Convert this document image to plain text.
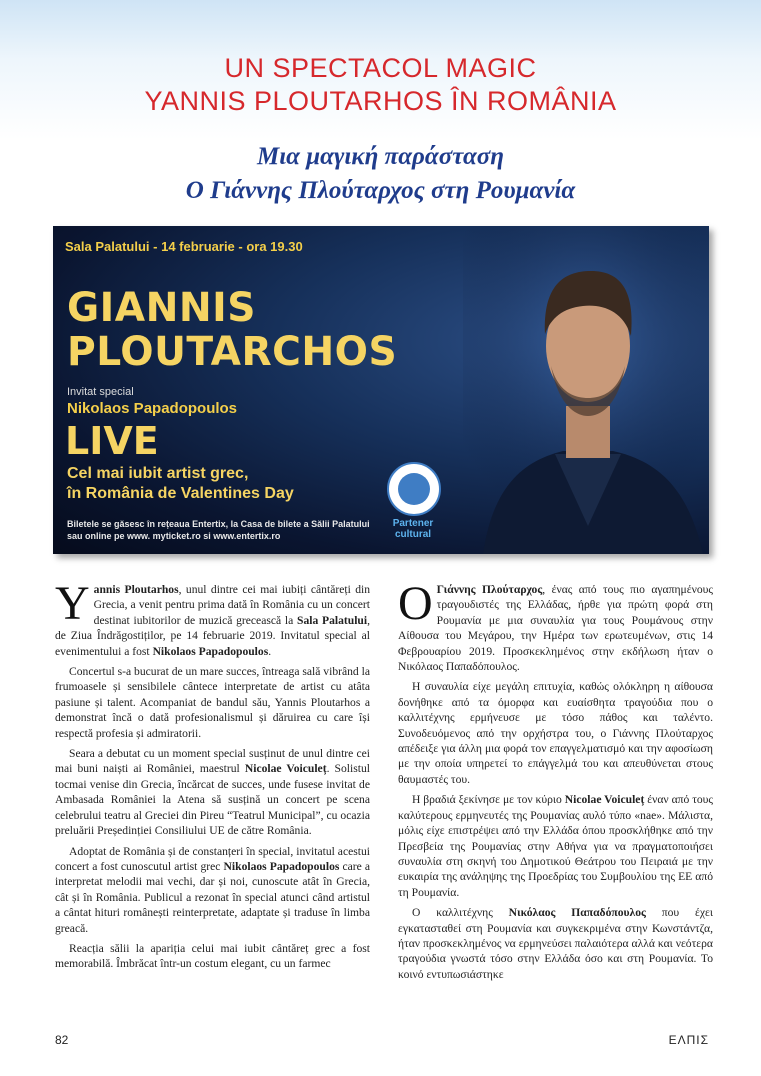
UN SPECTACOL MAGIC
YANNIS PLOUTARHOS ÎN ROMÂNIA
Μια μαγική παράσταση
Ο Γιάννης Πλούταρχος στη Ρουμανία
Sala Palatului - 14 februarie - ora 19.30
GIANNIS
PLOUTARCHOS
Invitat special
Nikolaos Papadopoulos
LIVE
Cel mai iubit artist grec,
în România de Valentines Day
Biletele se găsesc în rețeaua Entertix, la Casa de bilete a Sălii Palatului
sau online pe www. myticket.ro si www.entertix.ro
Partener
cultural

Yannis Ploutarhos, unul dintre cei mai iubiți cântăreți din Grecia, a venit pentru prima dată în România cu un concert destinat iubitorilor de muzică grecească la Sala Palatului, de Ziua Îndrăgostiților, pe 14 februarie 2019. Invitatul special al evenimentului a fost Nikolaos Papadopoulos.

Concertul s-a bucurat de un mare succes, întreaga sală vibrând la frumoasele și sensibilele cântece interpretate de artist cu atâta pasiune și talent. Acompaniat de bandul său, Yannis Ploutarhos a demonstrat încă o dată profesionalismul și dăruirea cu care își respectă profesia și admiratorii.

Seara a debutat cu un moment special susținut de unul dintre cei mai buni naiști ai României, maestrul Nicolae Voiculeț. Solistul tocmai venise din Grecia, încărcat de succes, unde fusese invitat de Ambasada României la Atena să susțină un concert pe scena celebrului teatru al Greciei din Pireu “Teatrul Municipal”, cu ocazia preluării Președinției Consiliului UE de către România.

Adoptat de România și de constanțeri în special, invitatul acestui concert a fost cunoscutul artist grec Nikolaos Papadopoulos care a interpretat melodii mai vechi, dar și noi, cunoscute atât în Grecia, cât și în România. Publicul a rezonat în special atunci când artistul a cântat hituri românești reinterpretate, adaptate și traduse în limba greacă.

Reacția sălii la apariția celui mai iubit cântăreț grec a fost memorabilă. Îmbrăcat într-un costum elegant, cu un farmec

Ο Γιάννης Πλούταρχος, ένας από τους πιο αγαπημένους τραγουδιστές της Ελλάδας, ήρθε για πρώτη φορά στη Ρουμανία με μια συναυλία για τους Ρουμάνους στην Αίθουσα του Μεγάρου, την Ημέρα των ερωτευμένων, στις 14 Φεβρουαρίου 2019. Προσκεκλημένος στην εκδήλωση ήταν ο Νικόλαος Παπαδόπουλος.

Η συναυλία είχε μεγάλη επιτυχία, καθώς ολόκληρη η αίθουσα δονήθηκε από τα όμορφα και ευαίσθητα τραγούδια που ο καλλιτέχνης ερμήνευσε με τόσο πάθος και ταλέντο. Συνοδευόμενος από την ορχήστρα του, ο Γιάννης Πλούταρχος απέδειξε για άλλη μια φορά τον επαγγελματισμό και την αφοσίωση με την οποία υπηρετεί το επάγγελμά του και απευθύνεται στους θαυμαστές του.

Η βραδιά ξεκίνησε με τον κύριο Nicolae Voiculeț έναν από τους καλύτερους ερμηνευτές της Ρουμανίας αυλό τύπο «nae». Μάλιστα, μόλις είχε επιστρέψει από την Ελλάδα όπου προσκλήθηκε από την Πρεσβεία της Ρουμανίας στην Αθήνα για να πραγματοποιήσει συναυλία στη σκηνή του Δημοτικού Θεάτρου του Πειραιά με την ευκαιρία της ανάληψης της Προεδρίας του Συμβουλίου της ΕΕ από τη Ρουμανία.

Ο καλλιτέχνης Νικόλαος Παπαδόπουλος που έχει εγκατασταθεί στη Ρουμανία και συγκεκριμένα στην Κωνστάντζα, ήταν προσκεκλημένος να ερμηνεύσει παλαιότερα αλλά και νεότερα τραγούδια γνωστά τόσο στην Ελλάδα όσο και στη Ρουμανία. Το κοινό εντυπωσιάστηκε

82	ΕΛΠΙΣ
